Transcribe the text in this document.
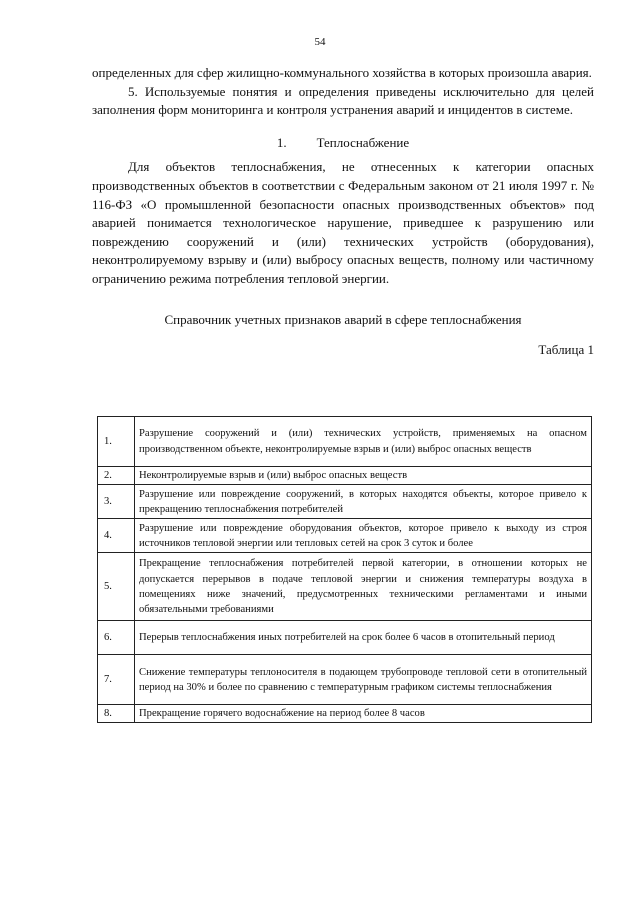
54

определенных для сфер жилищно-коммунального хозяйства в которых произошла авария.

5. Используемые понятия и определения приведены исключительно для целей заполнения форм мониторинга и контроля устранения аварий и инцидентов в системе.

1. Теплоснабжение

Для объектов теплоснабжения, не отнесенных к категории опасных производственных объектов в соответствии с Федеральным законом от 21 июля 1997 г. № 116-ФЗ «О промышленной безопасности опасных производственных объектов» под аварией понимается технологическое нарушение, приведшее к разрушению или повреждению сооружений и (или) технических устройств (оборудования), неконтролируемому взрыву и (или) выбросу опасных веществ, полному или частичному ограничению режима потребления тепловой энергии.

Справочник учетных признаков аварий в сфере теплоснабжения

Таблица 1

1.	Разрушение сооружений и (или) технических устройств, применяемых на опасном производственном объекте, неконтролируемые взрыв и (или) выброс опасных веществ
2.	Неконтролируемые взрыв и (или) выброс опасных веществ
3.	Разрушение или повреждение сооружений, в которых находятся объекты, которое привело к прекращению теплоснабжения потребителей
4.	Разрушение или повреждение оборудования объектов, которое привело к выходу из строя источников тепловой энергии или тепловых сетей на срок 3 суток и более
5.	Прекращение теплоснабжения потребителей первой категории, в отношении которых не допускается перерывов в подаче тепловой энергии и снижения температуры воздуха в помещениях ниже значений, предусмотренных техническими регламентами и иными обязательными требованиями
6.	Перерыв теплоснабжения иных потребителей на срок более 6 часов в отопительный период
7.	Снижение температуры теплоносителя в подающем трубопроводе тепловой сети в отопительный период на 30% и более по сравнению с температурным графиком системы теплоснабжения
8.	Прекращение горячего водоснабжение на период более 8 часов
